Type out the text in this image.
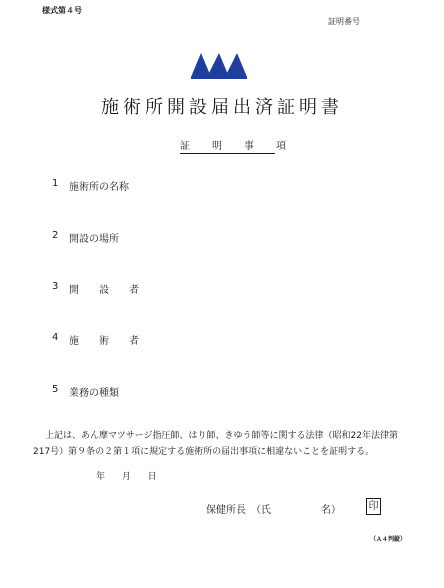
様式第４号
証明番号
施術所開設届出済証明書
証　明　事　項
1 施術所の名称
2 開設の場所
3 開　　設　　者
4 施　　術　　者
5 業務の種類
上記は、あん摩マツサージ指圧師、はり師、きゆう師等に関する法律（昭和22年法律第
217号）第９条の２第１項に規定する施術所の届出事項に相違ないことを証明する。
年 月 日
保健所長　（氏　　　　　名）	印
（Ａ４判縦）
